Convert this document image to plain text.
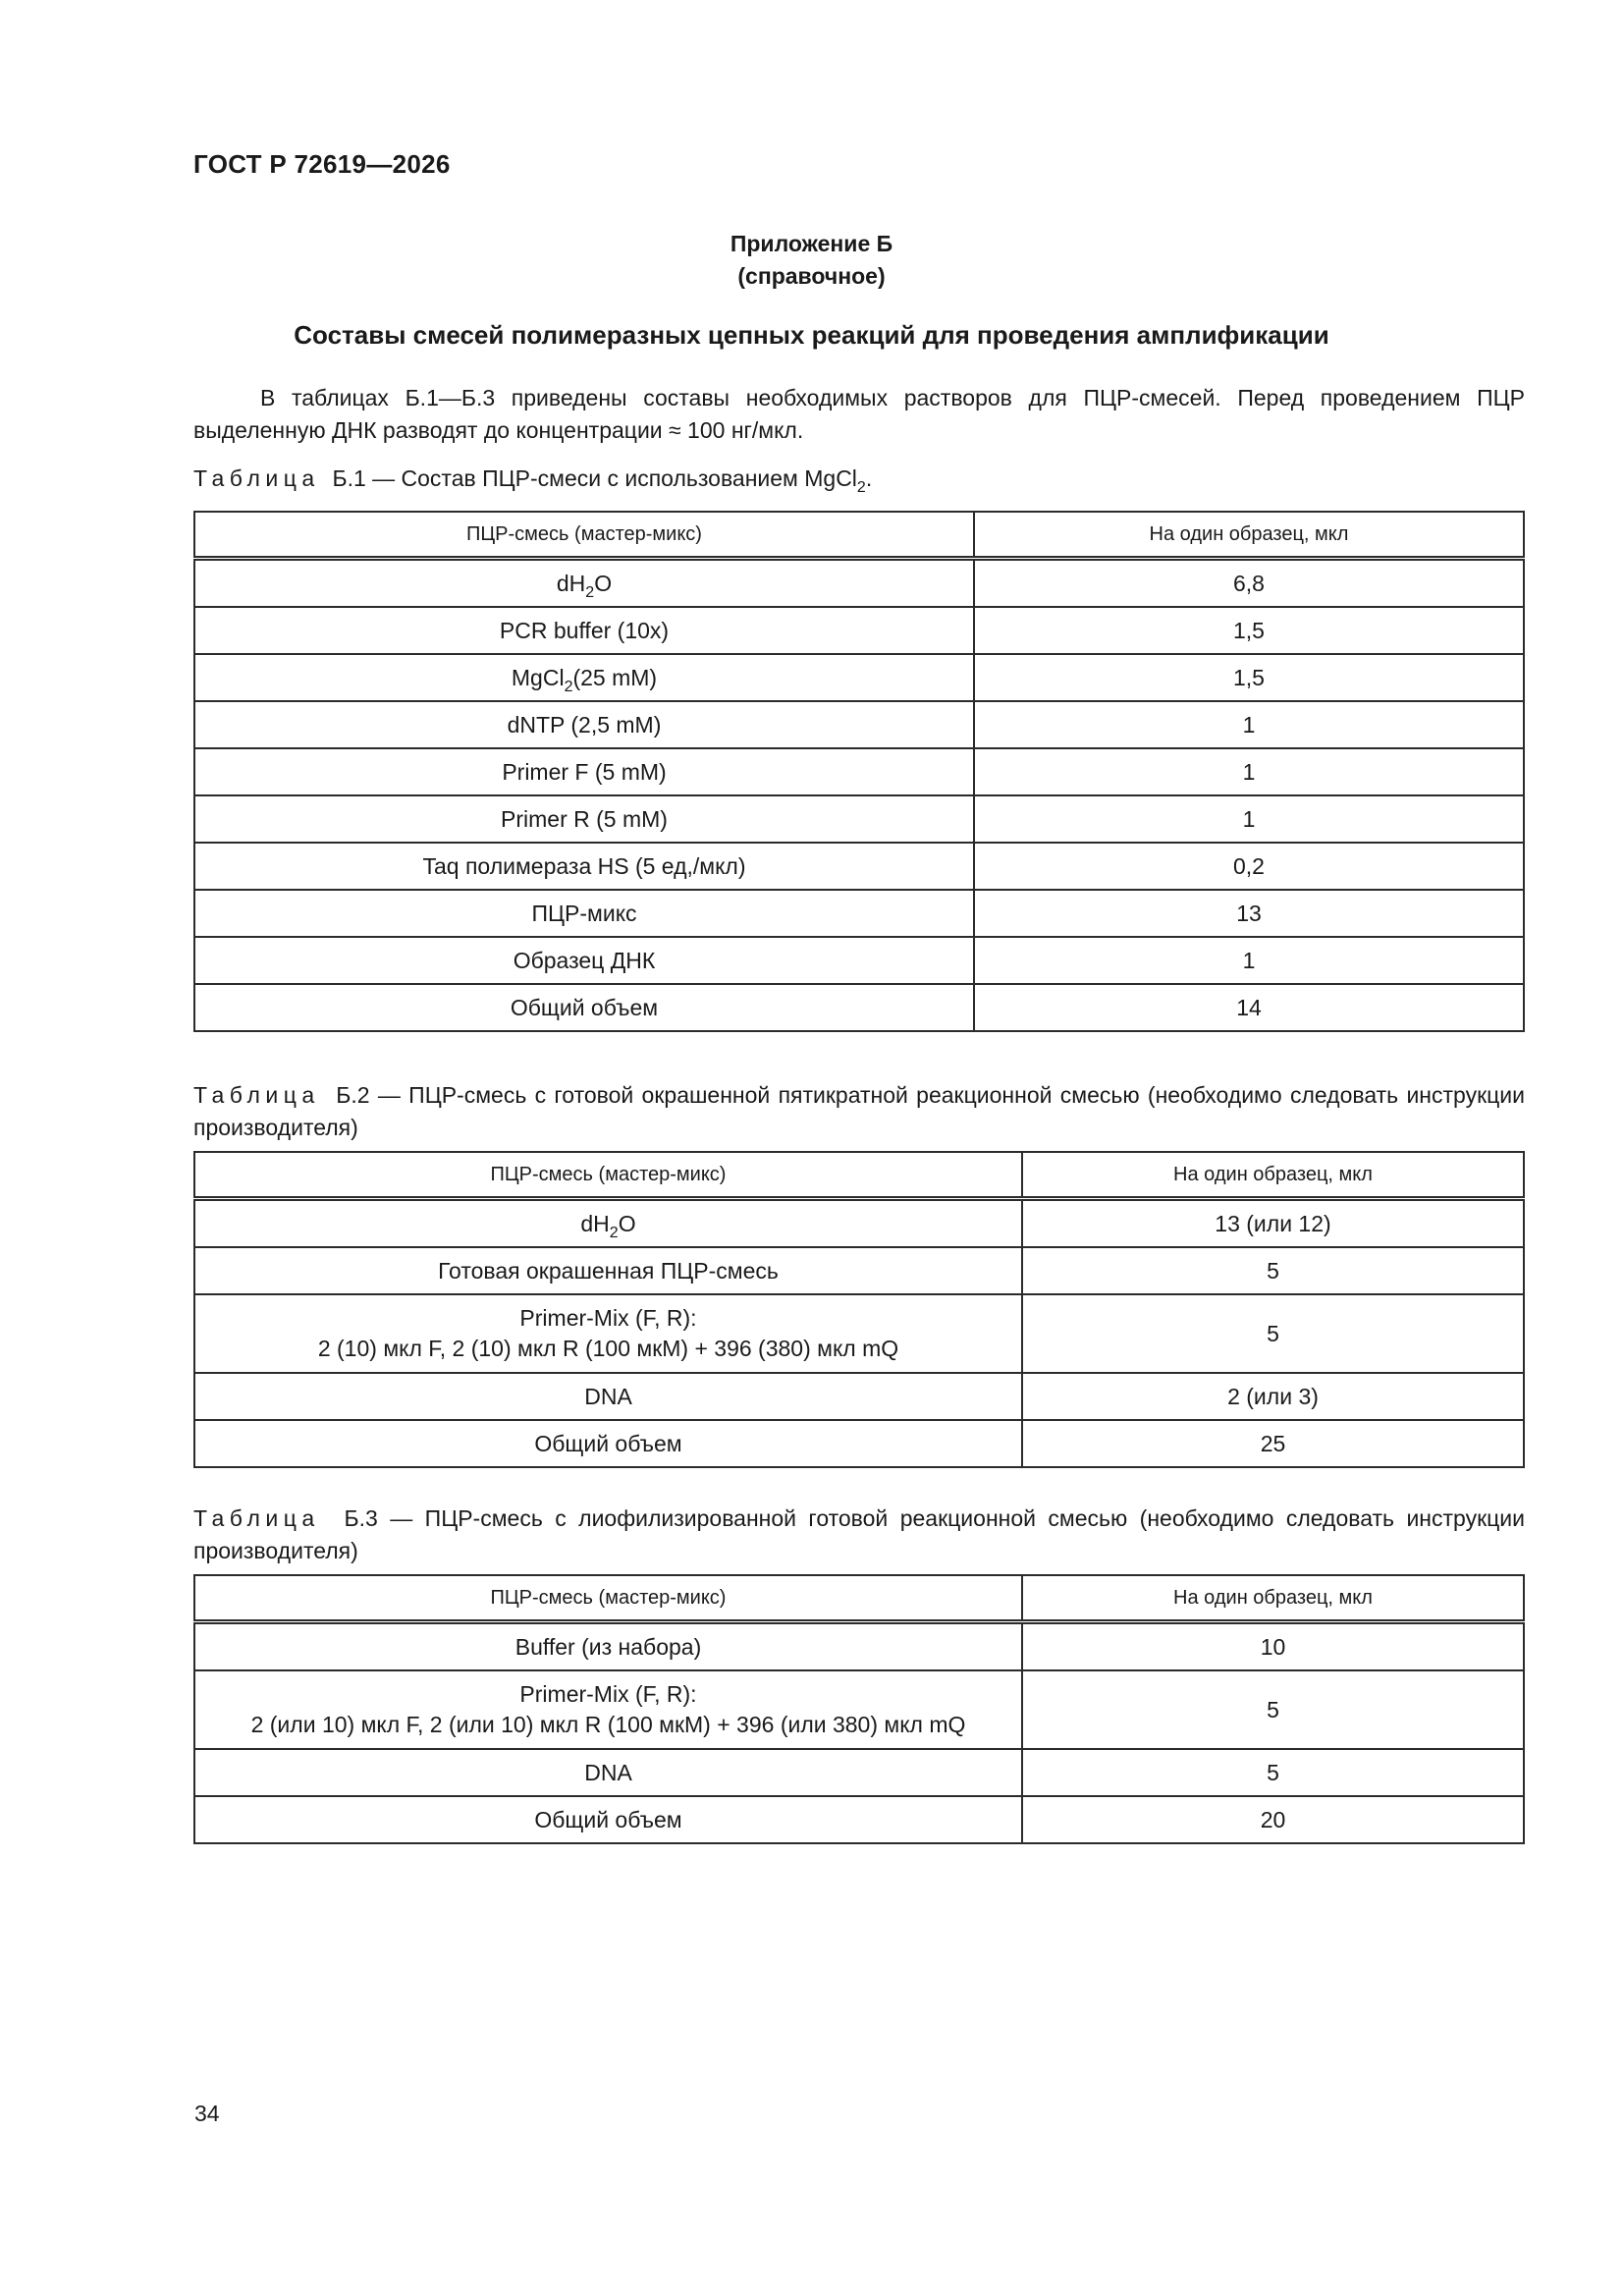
ГОСТ Р 72619—2026
Приложение Б
(справочное)
Составы смесей полимеразных цепных реакций для проведения амплификации

В таблицах Б.1—Б.3 приведены составы необходимых растворов для ПЦР-смесей. Перед проведением ПЦР выделенную ДНК разводят до концентрации ≈ 100 нг/мкл.

Таблица Б.1 — Состав ПЦР-смеси с использованием MgCl$_2$.
ПЦР-смесь (мастер-микс)	На один образец, мкл
$dH_2O$	6,8
PCR buffer (10x)	1,5
MgCl$_2$(25 mM)	1,5
dNTP (2,5 mM)	1
Primer F (5 mM)	1
Primer R (5 mM)	1
Taq полимераза HS (5 ед,/мкл)	0,2
ПЦР-микс	13
Образец ДНК	1
Общий объем	14
Таблица Б.2 — ПЦР-смесь с готовой окрашенной пятикратной реакционной смесью (необходимо следовать инструкции производителя)
ПЦР-смесь (мастер-микс)	На один образец, мкл
$dH_2O$	13 (или 12)
Готовая окрашенная ПЦР-смесь	5
Primer-Mix (F, R):
2 (10) мкл F, 2 (10) мкл R (100 мкМ) + 396 (380) мкл mQ	5
DNA	2 (или 3)
Общий объем	25
Таблица Б.3 — ПЦР-смесь с лиофилизированной готовой реакционной смесью (необходимо следовать инструкции производителя)
ПЦР-смесь (мастер-микс)	На один образец, мкл
Buffer (из набора)	10
Primer-Mix (F, R):
2 (или 10) мкл F, 2 (или 10) мкл R (100 мкМ) + 396 (или 380) мкл mQ	5
DNA	5
Общий объем	20
34
